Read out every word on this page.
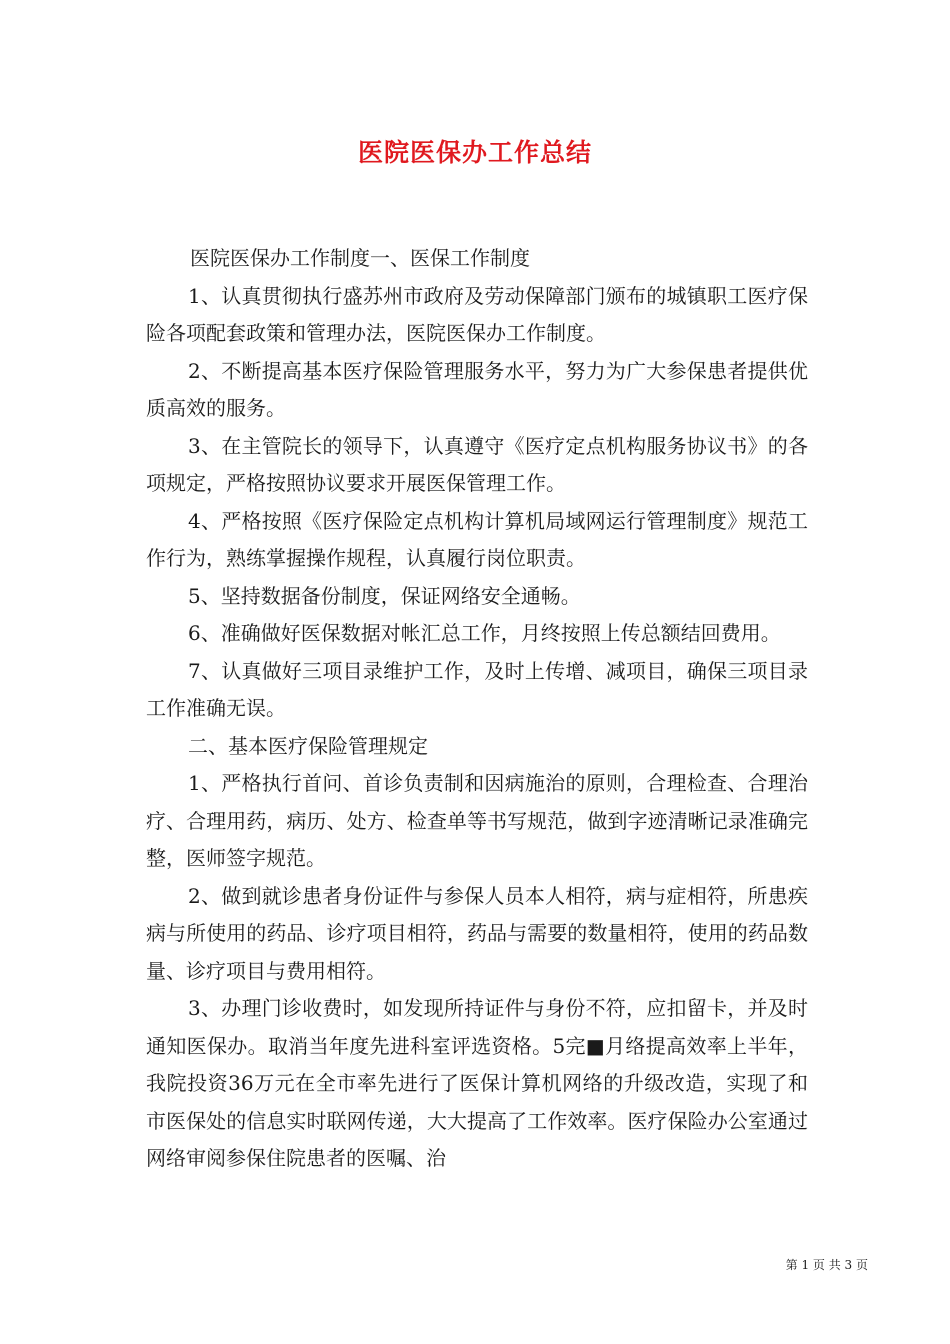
医院医保办工作总结

医院医保办工作制度一、医保工作制度

1、认真贯彻执行盛苏州市政府及劳动保障部门颁布的城镇职工医疗保险各项配套政策和管理办法，医院医保办工作制度。

2、不断提高基本医疗保险管理服务水平，努力为广大参保患者提供优质高效的服务。

3、在主管院长的领导下，认真遵守《医疗定点机构服务协议书》的各项规定，严格按照协议要求开展医保管理工作。

4、严格按照《医疗保险定点机构计算机局域网运行管理制度》规范工作行为，熟练掌握操作规程，认真履行岗位职责。

5、坚持数据备份制度，保证网络安全通畅。

6、准确做好医保数据对帐汇总工作，月终按照上传总额结回费用。

7、认真做好三项目录维护工作，及时上传增、减项目，确保三项目录工作准确无误。

二、基本医疗保险管理规定

1、严格执行首问、首诊负责制和因病施治的原则，合理检查、合理治疗、合理用药，病历、处方、检查单等书写规范，做到字迹清晰记录准确完整，医师签字规范。

2、做到就诊患者身份证件与参保人员本人相符，病与症相符，所患疾病与所使用的药品、诊疗项目相符，药品与需要的数量相符，使用的药品数量、诊疗项目与费用相符。

3、办理门诊收费时，如发现所持证件与身份不符，应扣留卡，并及时通知医保办。取消当年度先进科室评选资格。5完■月络提高效率上半年，我院投资36万元在全市率先进行了医保计算机网络的升级改造，实现了和市医保处的信息实时联网传递，大大提高了工作效率。医疗保险办公室通过网络审阅参保住院患者的医嘱、治

第 1 页 共 3 页
